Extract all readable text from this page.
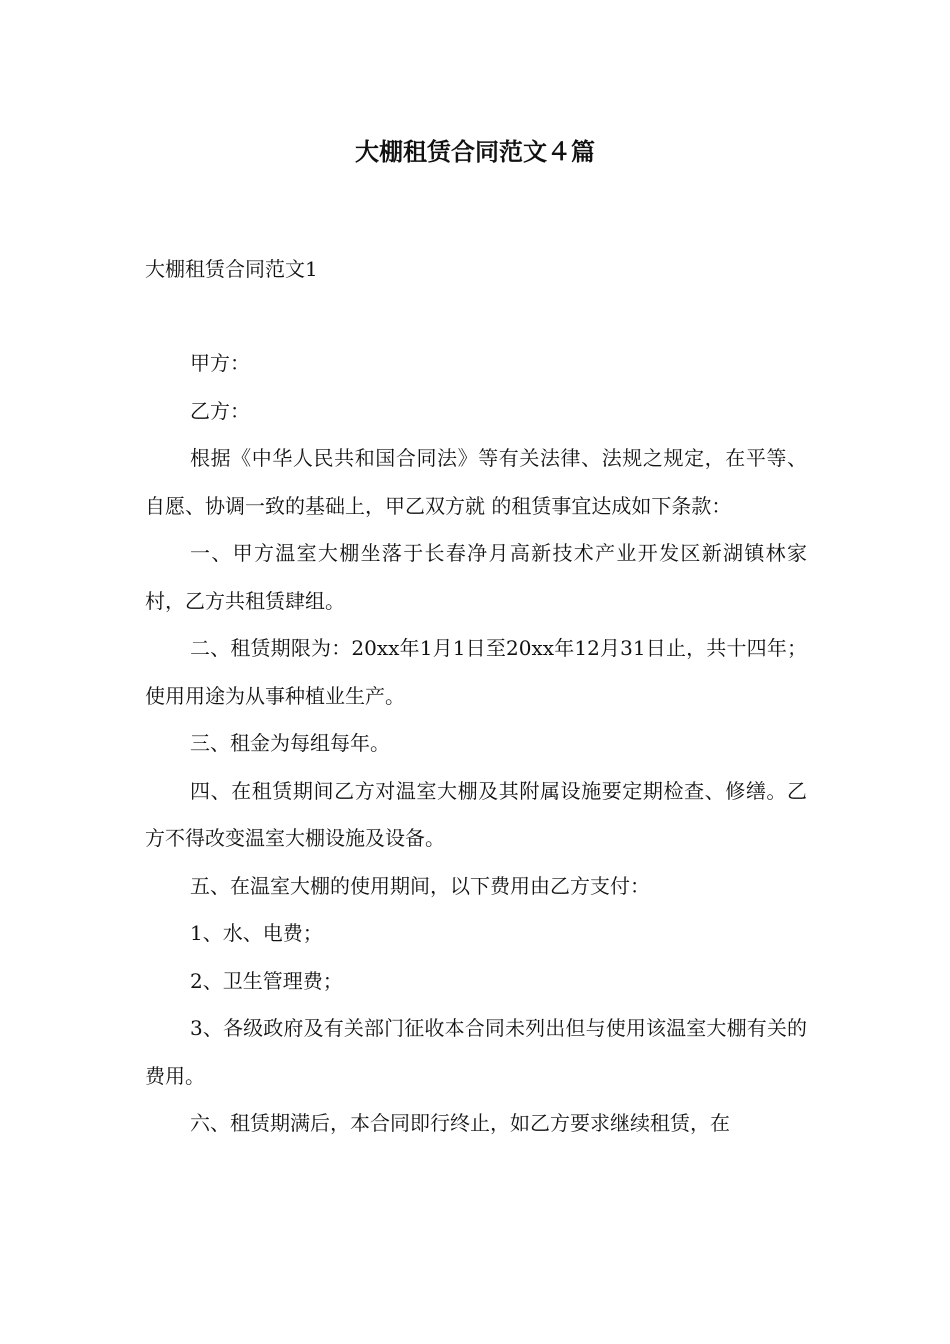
大棚租赁合同范文４篇

大棚租赁合同范文1

甲方：

乙方：

根据《中华人民共和国合同法》等有关法律、法规之规定，在平等、自愿、协调一致的基础上，甲乙双方就 的租赁事宜达成如下条款：

一、甲方温室大棚坐落于长春净月高新技术产业开发区新湖镇林家村，乙方共租赁肆组。

二、租赁期限为：20xx年1月1日至20xx年12月31日止，共十四年；使用用途为从事种植业生产。

三、租金为每组每年。

四、在租赁期间乙方对温室大棚及其附属设施要定期检查、修缮。乙方不得改变温室大棚设施及设备。

五、在温室大棚的使用期间，以下费用由乙方支付：

1、水、电费；

2、卫生管理费；

3、各级政府及有关部门征收本合同未列出但与使用该温室大棚有关的费用。

六、租赁期满后，本合同即行终止，如乙方要求继续租赁，在
